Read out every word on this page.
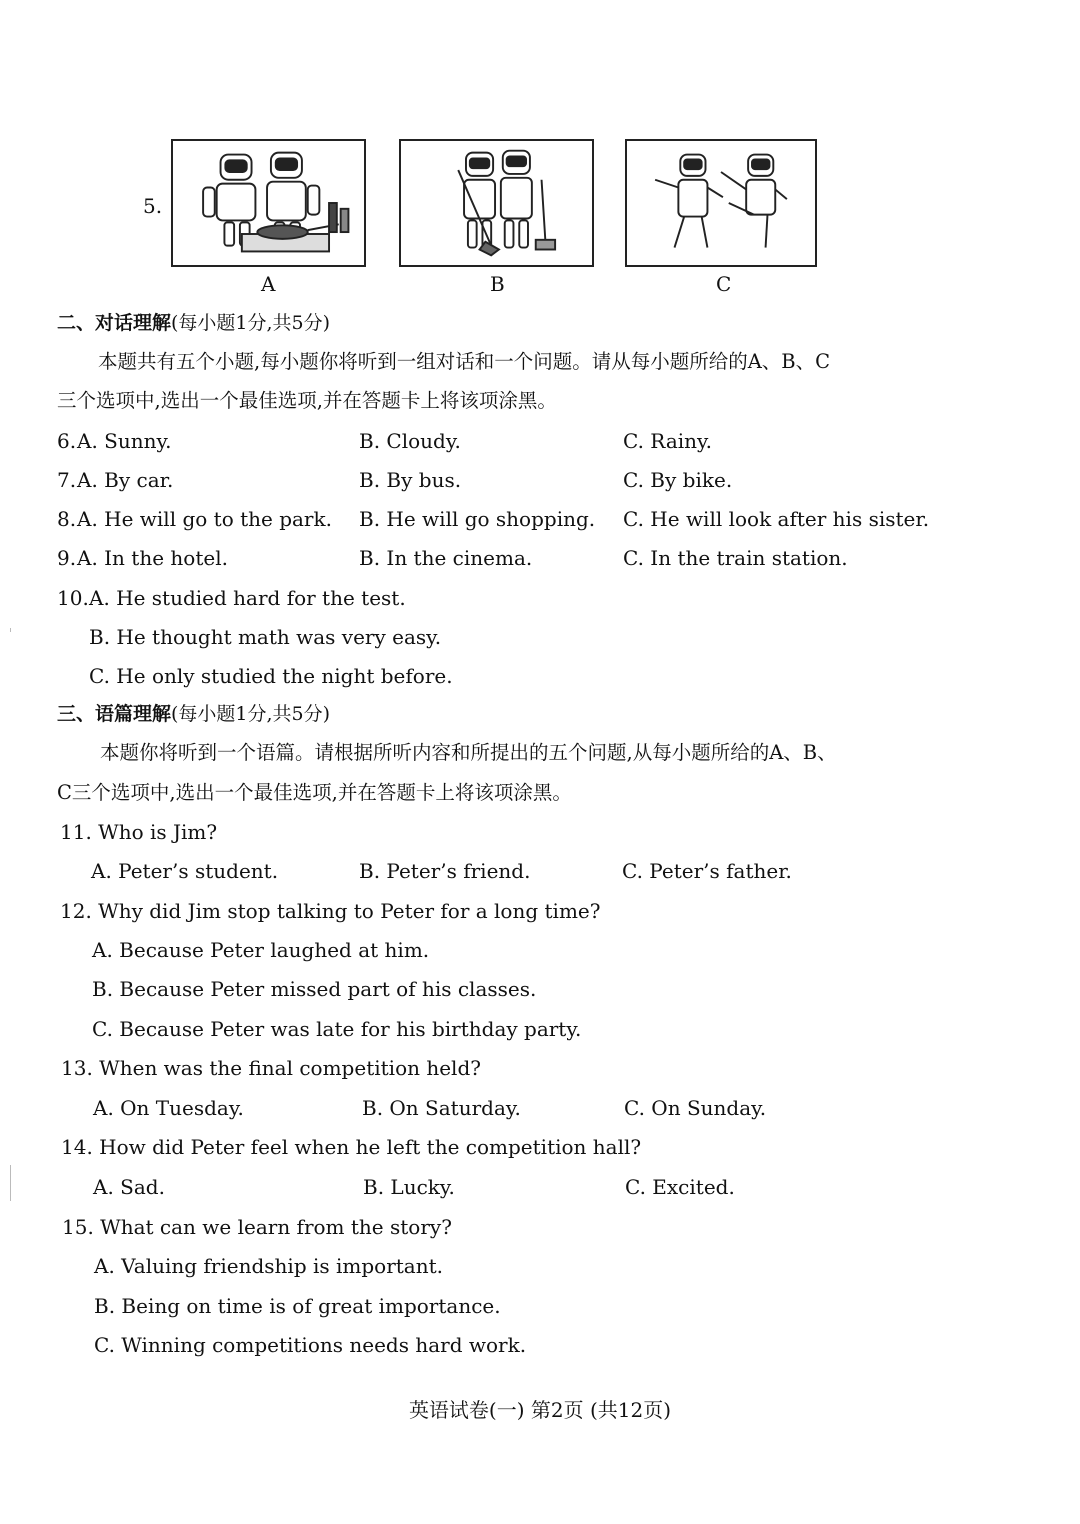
5.
A	B	C
二、对话理解(每小题1分,共5分)
本题共有五个小题,每小题你将听到一组对话和一个问题。请从每小题所给的A、B、C
三个选项中,选出一个最佳选项,并在答题卡上将该项涂黑。
6. A. Sunny.	B. Cloudy.	C. Rainy.
7. A. By car.	B. By bus.	C. By bike.
8. A. He will go to the park. B. He will go shopping. C. He will look after his sister.
9. A. In the hotel.	B. In the cinema.	C. In the train station.
10. A. He studied hard for the test.
B. He thought math was very easy.
C. He only studied the night before.
三、语篇理解(每小题1分,共5分)
本题你将听到一个语篇。请根据所听内容和所提出的五个问题,从每小题所给的A、B、
C三个选项中,选出一个最佳选项,并在答题卡上将该项涂黑。
11. Who is Jim?
A. Peter’s student.	B. Peter’s friend.	C. Peter’s father.
12. Why did Jim stop talking to Peter for a long time?
A. Because Peter laughed at him.
B. Because Peter missed part of his classes.
C. Because Peter was late for his birthday party.
13. When was the final competition held?
A. On Tuesday.	B. On Saturday.	C. On Sunday.
14. How did Peter feel when he left the competition hall?
A. Sad.	B. Lucky.	C. Excited.
15. What can we learn from the story?
A. Valuing friendship is important.
B. Being on time is of great importance.
C. Winning competitions needs hard work.
英语试卷(一) 第2页 (共12页)
